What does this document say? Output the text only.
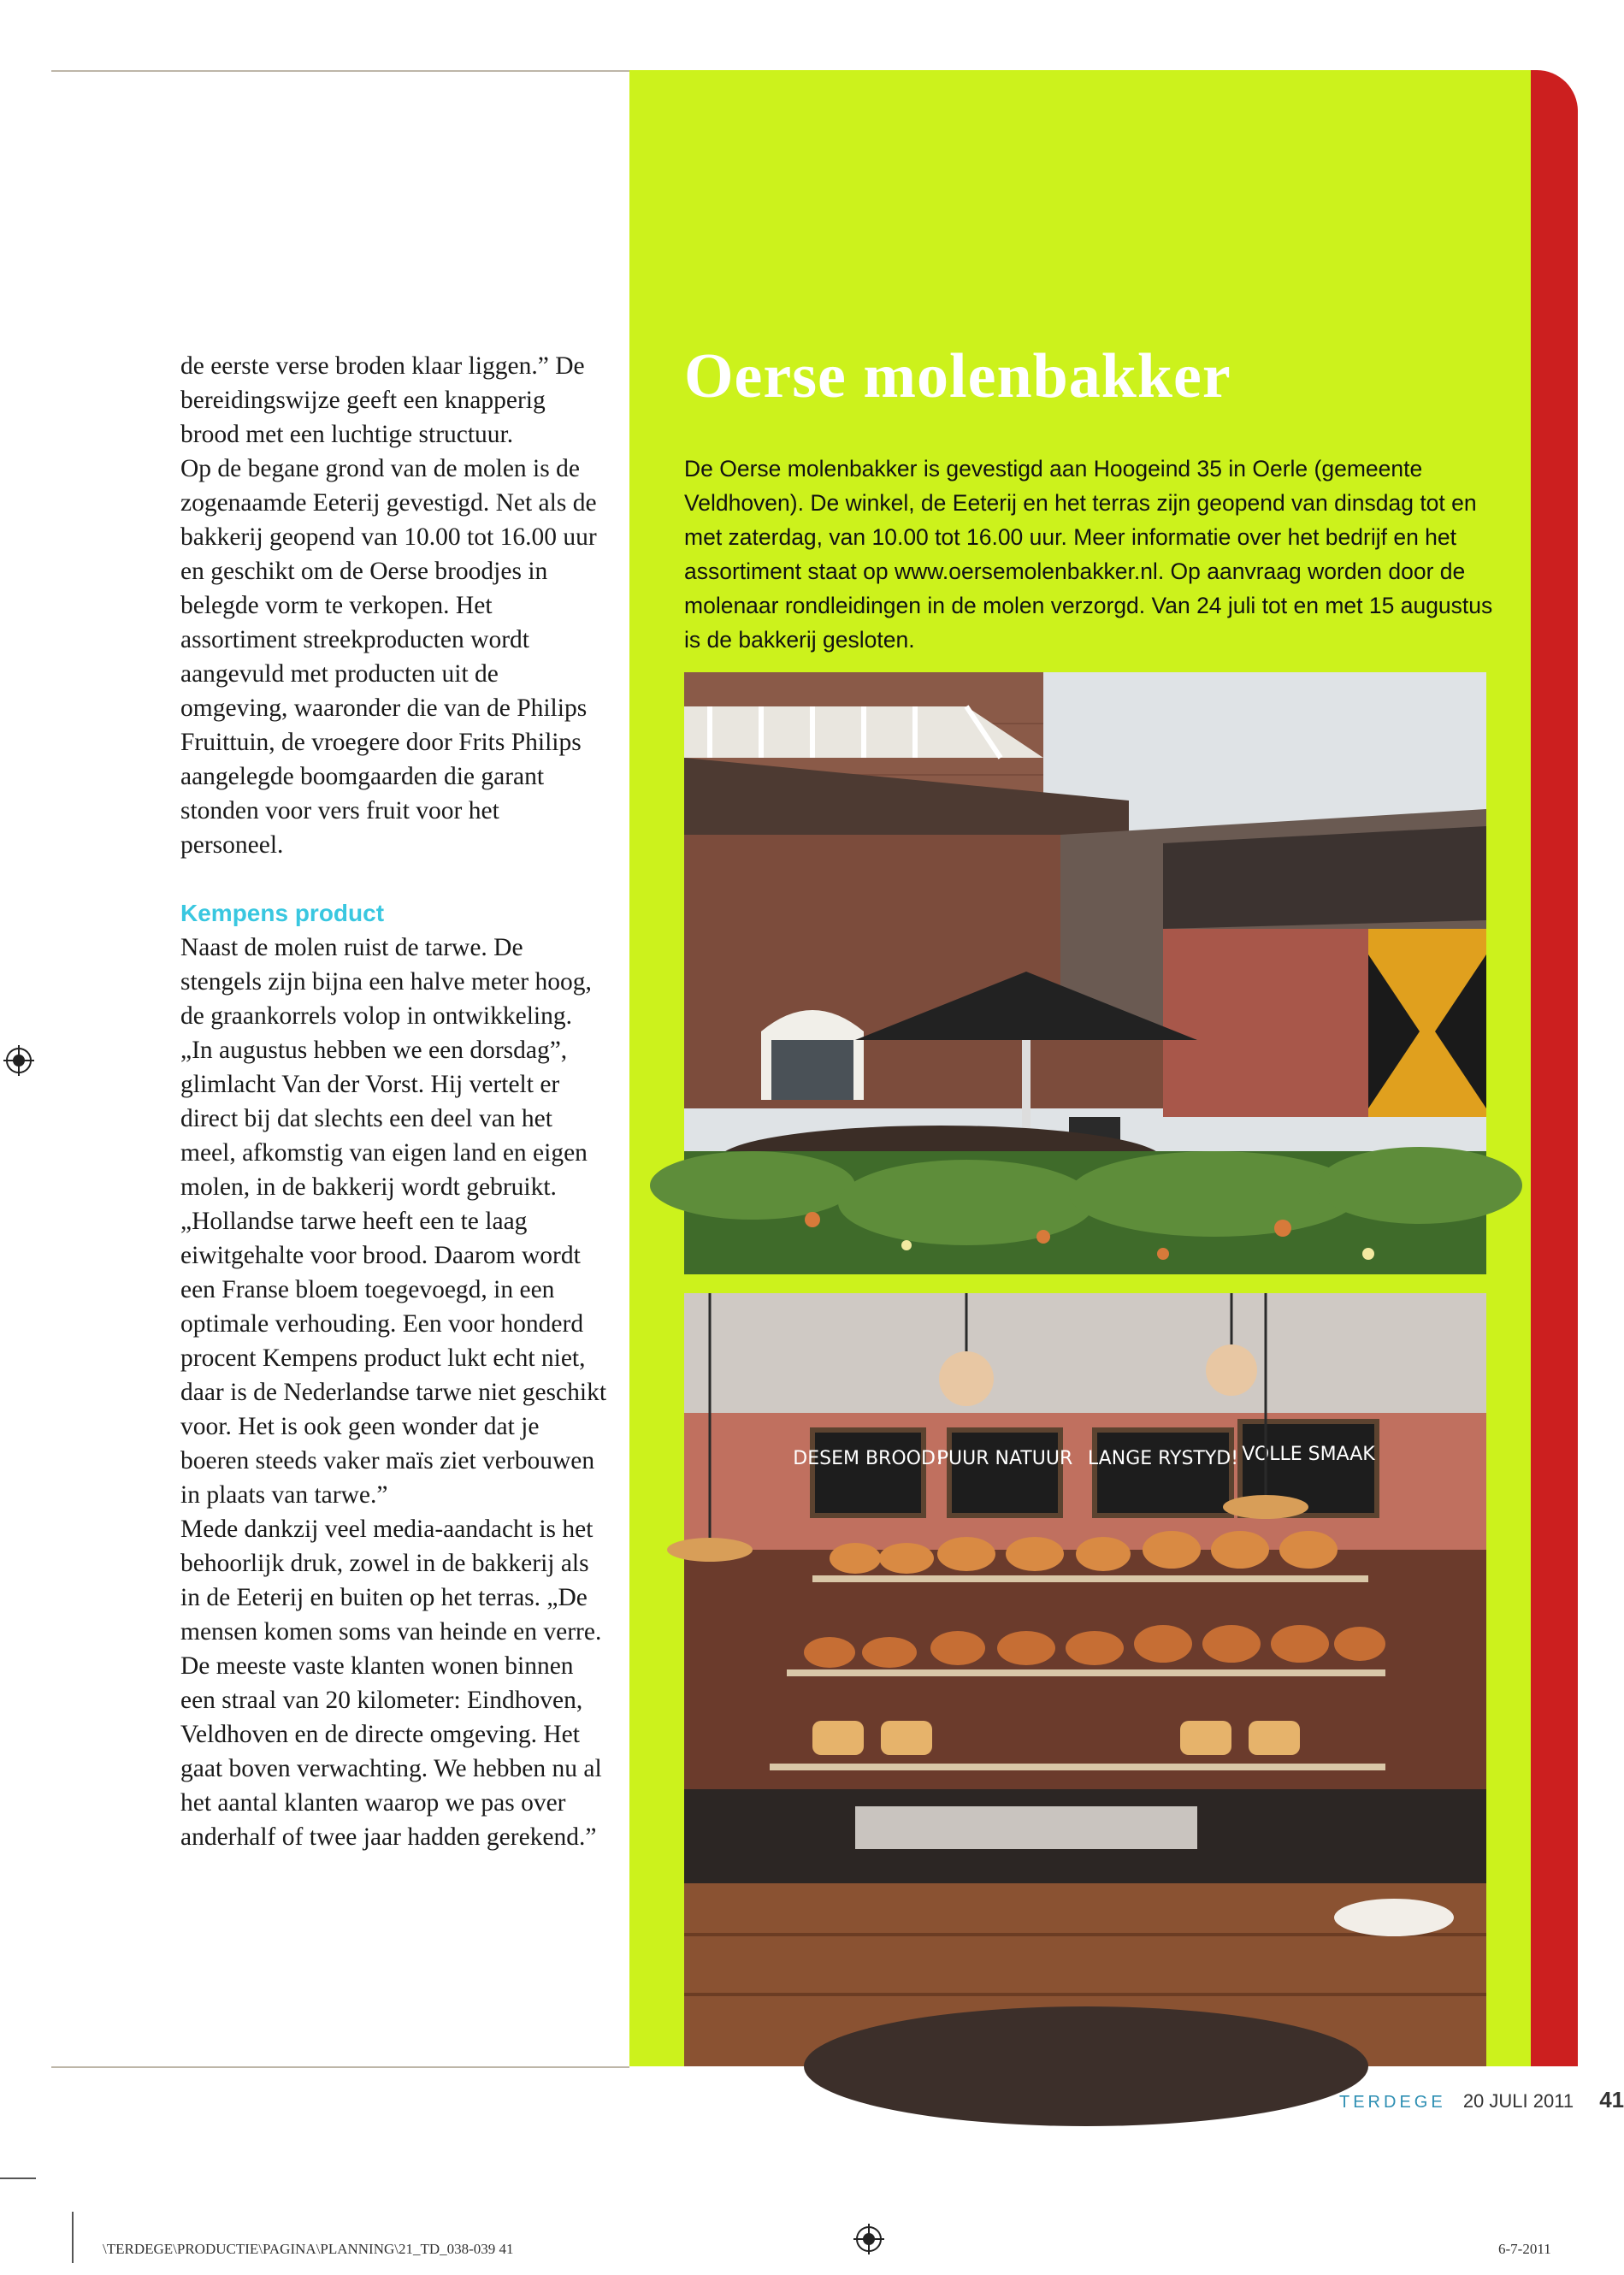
de eerste verse broden klaar liggen.” De bereidingswijze geeft een knapperig brood met een luchtige structuur.

Op de begane grond van de molen is de zogenaamde Eeterij gevestigd. Net als de bakkerij geopend van 10.00 tot 16.00 uur en geschikt om de Oerse broodjes in belegde vorm te verkopen. Het assortiment streekproducten wordt aangevuld met producten uit de omgeving, waaronder die van de Philips Fruittuin, de vroegere door Frits Philips aangelegde boomgaarden die garant stonden voor vers fruit voor het personeel.

Kempens product

Naast de molen ruist de tarwe. De stengels zijn bijna een halve meter hoog, de graankorrels volop in ontwikkeling. „In augustus hebben we een dorsdag”, glimlacht Van der Vorst. Hij vertelt er direct bij dat slechts een deel van het meel, afkomstig van eigen land en eigen molen, in de bakkerij wordt gebruikt. „Hollandse tarwe heeft een te laag eiwitgehalte voor brood. Daarom wordt een Franse bloem toegevoegd, in een optimale verhouding. Een voor honderd procent Kempens product lukt echt niet, daar is de Nederlandse tarwe niet geschikt voor. Het is ook geen wonder dat je boeren steeds vaker maïs ziet verbouwen in plaats van tarwe.”

Mede dankzij veel media-aandacht is het behoorlijk druk, zowel in de bakkerij als in de Eeterij en buiten op het terras. „De mensen komen soms van heinde en verre. De meeste vaste klanten wonen binnen een straal van 20 kilometer: Eindhoven, Veldhoven en de directe omgeving. Het gaat boven verwachting. We hebben nu al het aantal klanten waarop we pas over anderhalf of twee jaar hadden gerekend.”

Oerse molenbakker

De Oerse molenbakker is gevestigd aan Hoogeind 35 in Oerle (gemeente Veldhoven). De winkel, de Eeterij en het terras zijn geopend van dinsdag tot en met zaterdag, van 10.00 tot 16.00 uur. Meer informatie over het bedrijf en het assortiment staat op www.oersemolenbakker.nl. Op aanvraag worden door de molenaar rondleidingen in de molen verzorgd. Van 24 juli tot en met 15 augustus is de bakkerij gesloten.

DESEM BROOD!
PUUR NATUUR LANGE RYSTYD! VOLLE SMAAK
TERDEGE 20 JULI 2011 41
\TERDEGE\PRODUCTIE\PAGINA\PLANNING\21_TD_038-039 41	6-7-2011
